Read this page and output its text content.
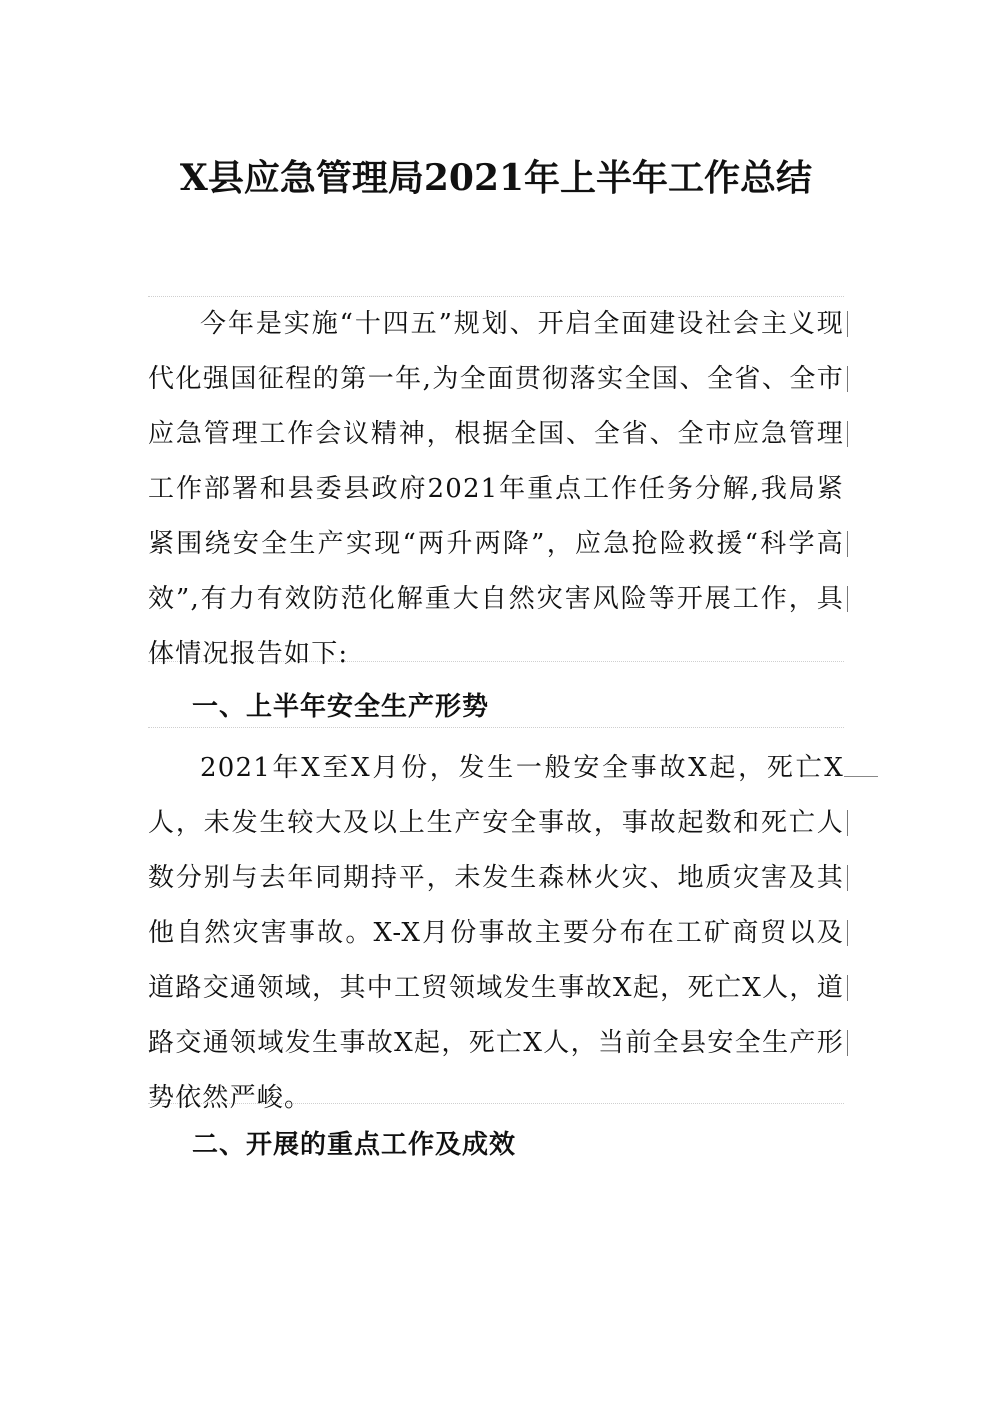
X县应急管理局2021年上半年工作总结

今年是实施“十四五”规划、开启全面建设社会主义现代化强国征程的第一年,为全面贯彻落实全国、全省、全市应急管理工作会议精神，根据全国、全省、全市应急管理工作部署和县委县政府2021年重点工作任务分解,我局紧紧围绕安全生产实现“两升两降”，应急抢险救援“科学高效”,有力有效防范化解重大自然灾害风险等开展工作，具体情况报告如下:

一、上半年安全生产形势

2021年X至X月份，发生一般安全事故X起，死亡X人，未发生较大及以上生产安全事故，事故起数和死亡人数分别与去年同期持平，未发生森林火灾、地质灾害及其他自然灾害事故。X-X月份事故主要分布在工矿商贸以及道路交通领域，其中工贸领域发生事故X起，死亡X人，道路交通领域发生事故X起，死亡X人，当前全县安全生产形势依然严峻。

二、开展的重点工作及成效
